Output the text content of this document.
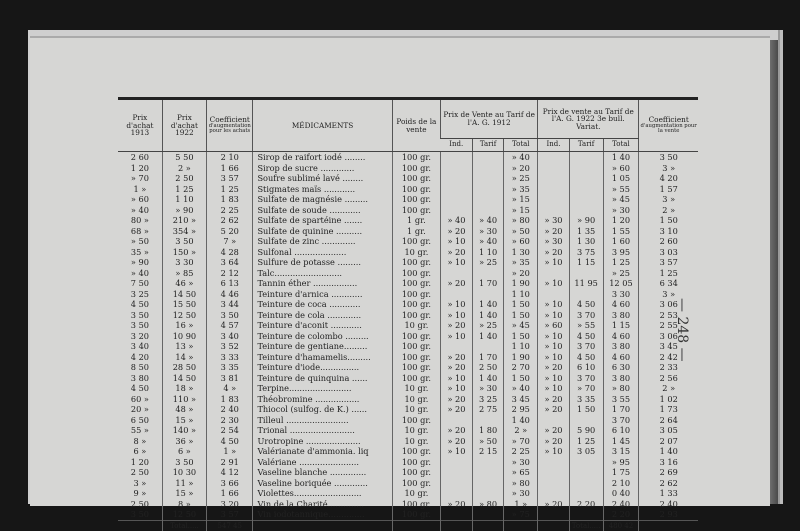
Prix d'achat 1913	Prix d'achat 1922	Coefficient
d'augmentation pour les achats	MÉDICAMENTS	Poids de la vente	Prix de Vente au Tarif de l'A. G. 1912			Prix de vente au Tarif de l'A. G. 1922 3e bull. Variat.			Coefficient
d'augmentation pour la vente

					Ind.	Tarif	Total	Ind.	Tarif	Total	
2 60	5 50	2 10	Sirop de raifort iodé ........	100 gr.			» 40			1 40	3 50
1 20	2 »	1 66	Sirop de sucre .............	100 gr.			» 20			» 60	3 »
» 70	2 50	3 57	Soufre sublimé lavé ........	100 gr.			» 25			1 05	4 20
1 »	1 25	1 25	Stigmates maïs ............	100 gr.			» 35			» 55	1 57
» 60	1 10	1 83	Sulfate de magnésie .........	100 gr.			» 15			» 45	3 »
» 40	» 90	2 25	Sulfate de soude ............	100 gr.			» 15			» 30	2 »
80 »	210 »	2 62	Sulfate de spartéine .......	1 gr.	» 40	» 40	» 80	» 30	» 90	1 20	1 50
68 »	354 »	5 20	Sulfate de quinine ..........	1 gr.	» 20	» 30	» 50	» 20	1 35	1 55	3 10
» 50	3 50	7 »	Sulfate de zinc .............	100 gr.	» 10	» 40	» 60	» 30	1 30	1 60	2 60
35 »	150 »	4 28	Sulfonal ....................	10 gr.	» 20	1 10	1 30	» 20	3 75	3 95	3 03
» 90	3 30	3 64	Sulfure de potasse .........	100 gr.	» 10	» 25	» 35	» 10	1 15	1 25	3 57
» 40	» 85	2 12	Talc..........................	100 gr.			» 20			» 25	1 25
7 50	46 »	6 13	Tannin éther .................	100 gr.	» 20	1 70	1 90	» 10	11 95	12 05	6 34
3 25	14 50	4 46	Teinture d'arnica ............	100 gr.			1 10			3 30	3 »
4 50	15 50	3 44	Teinture de coca ............	100 gr.	» 10	1 40	1 50	» 10	4 50	4 60	3 06
3 50	12 50	3 50	Teinture de cola .............	100 gr.	» 10	1 40	1 50	» 10	3 70	3 80	2 53
3 50	16 »	4 57	Teinture d'aconit ............	10 gr.	» 20	» 25	» 45	» 60	» 55	1 15	2 55
3 20	10 90	3 40	Teinture de colombo .........	100 gr.	» 10	1 40	1 50	» 10	4 50	4 60	3 06
3 40	13 »	3 52	Teinture de gentiane.........	100 gr.			1 10	» 10	3 70	3 80	3 45
4 20	14 »	3 33	Teinture d'hamamelis.........	100 gr.	» 20	1 70	1 90	» 10	4 50	4 60	2 42
8 50	28 50	3 35	Teinture d'iode...............	100 gr.	» 20	2 50	2 70	» 20	6 10	6 30	2 33
3 80	14 50	3 81	Teinture de quinquina ......	100 gr.	» 10	1 40	1 50	» 10	3 70	3 80	2 56
4 50	18 »	4 »	Terpine........................	10 gr.	» 10	» 30	» 40	» 10	» 70	» 80	2 »
60 »	110 »	1 83	Théobromine .................	10 gr.	» 20	3 25	3 45	» 20	3 35	3 55	1 02
20 »	48 »	2 40	Thiocol (sulfog. de K.) ......	10 gr.	» 20	2 75	2 95	» 20	1 50	1 70	1 73
6 50	15 »	2 30	Tilleul ........................	100 gr.			1 40			3 70	2 64
55 »	140 »	2 54	Trional .........................	10 gr.	» 20	1 80	2 »	» 20	5 90	6 10	3 05
8 »	36 »	4 50	Urotropine .....................	10 gr.	» 20	» 50	» 70	» 20	1 25	1 45	2 07
6 »	6 »	1 »	Valérianate d'ammonia. liq	100 gr.	» 10	2 15	2 25	» 10	3 05	3 15	1 40
1 20	3 50	2 91	Valériane .......................	100 gr.			» 30			» 95	3 16
2 50	10 30	4 12	Vaseline blanche ..............	100 gr.			» 65			1 75	2 69
3 »	11 »	3 66	Vaseline boriquée .............	100 gr.			» 80			2 10	2 62
9 »	15 »	1 66	Violettes..........................	10 gr.			» 30			0 40	1 33
2 50	8 »	3 20	Vin de la Charité..............	100 gr.	» 20	» 80	1 »	» 20	2 20	2 40	2 40
3 50	12 50	3 57	Vin iodotannique..............	100 gr.			» 75			2 20	2 93
	Total.....	547 45							Total.....	480 42	
— 248 —
